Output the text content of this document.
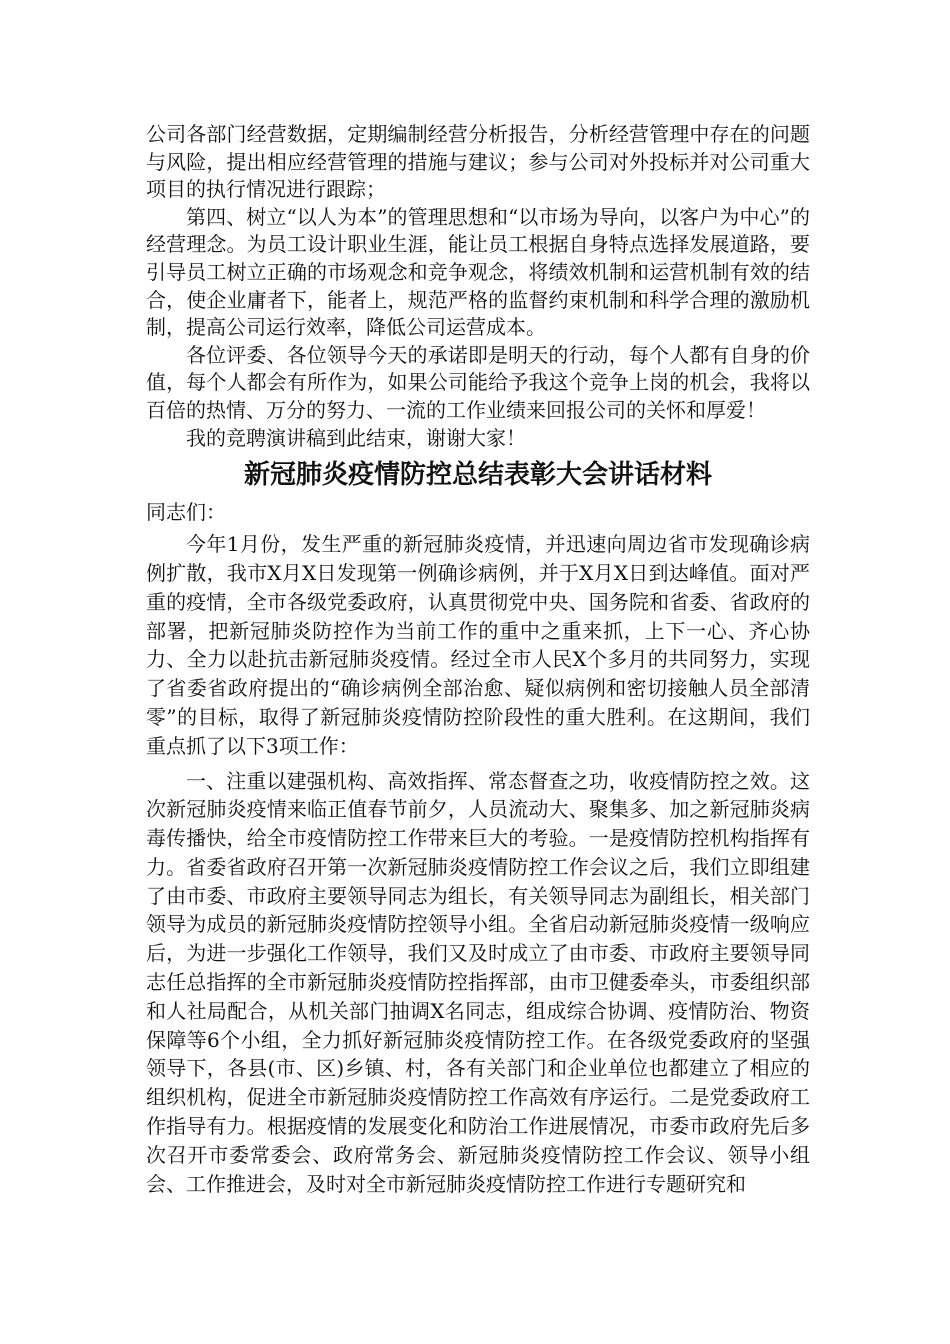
公司各部门经营数据，定期编制经营分析报告，分析经营管理中存在的问题与风险，提出相应经营管理的措施与建议；参与公司对外投标并对公司重大项目的执行情况进行跟踪；

第四、树立“以人为本”的管理思想和“以市场为导向，以客户为中心”的经营理念。为员工设计职业生涯，能让员工根据自身特点选择发展道路，要引导员工树立正确的市场观念和竞争观念，将绩效机制和运营机制有效的结合，使企业庸者下，能者上，规范严格的监督约束机制和科学合理的激励机制，提高公司运行效率，降低公司运营成本。

各位评委、各位领导今天的承诺即是明天的行动，每个人都有自身的价值，每个人都会有所作为，如果公司能给予我这个竞争上岗的机会，我将以百倍的热情、万分的努力、一流的工作业绩来回报公司的关怀和厚爱！

我的竞聘演讲稿到此结束，谢谢大家！

新冠肺炎疫情防控总结表彰大会讲话材料

同志们：

今年1月份，发生严重的新冠肺炎疫情，并迅速向周边省市发现确诊病例扩散，我市X月X日发现第一例确诊病例，并于X月X日到达峰值。面对严重的疫情，全市各级党委政府，认真贯彻党中央、国务院和省委、省政府的部署，把新冠肺炎防控作为当前工作的重中之重来抓，上下一心、齐心协力、全力以赴抗击新冠肺炎疫情。经过全市人民X个多月的共同努力，实现了省委省政府提出的“确诊病例全部治愈、疑似病例和密切接触人员全部清零”的目标，取得了新冠肺炎疫情防控阶段性的重大胜利。在这期间，我们重点抓了以下3项工作：

一、注重以建强机构、高效指挥、常态督查之功，收疫情防控之效。这次新冠肺炎疫情来临正值春节前夕，人员流动大、聚集多、加之新冠肺炎病毒传播快，给全市疫情防控工作带来巨大的考验。一是疫情防控机构指挥有力。省委省政府召开第一次新冠肺炎疫情防控工作会议之后，我们立即组建了由市委、市政府主要领导同志为组长，有关领导同志为副组长，相关部门领导为成员的新冠肺炎疫情防控领导小组。全省启动新冠肺炎疫情一级响应后，为进一步强化工作领导，我们又及时成立了由市委、市政府主要领导同志任总指挥的全市新冠肺炎疫情防控指挥部，由市卫健委牵头，市委组织部和人社局配合，从机关部门抽调X名同志，组成综合协调、疫情防治、物资保障等6个小组，全力抓好新冠肺炎疫情防控工作。在各级党委政府的坚强领导下，各县(市、区)乡镇、村，各有关部门和企业单位也都建立了相应的组织机构，促进全市新冠肺炎疫情防控工作高效有序运行。二是党委政府工作指导有力。根据疫情的发展变化和防治工作进展情况，市委市政府先后多次召开市委常委会、政府常务会、新冠肺炎疫情防控工作会议、领导小组会、工作推进会，及时对全市新冠肺炎疫情防控工作进行专题研究和
